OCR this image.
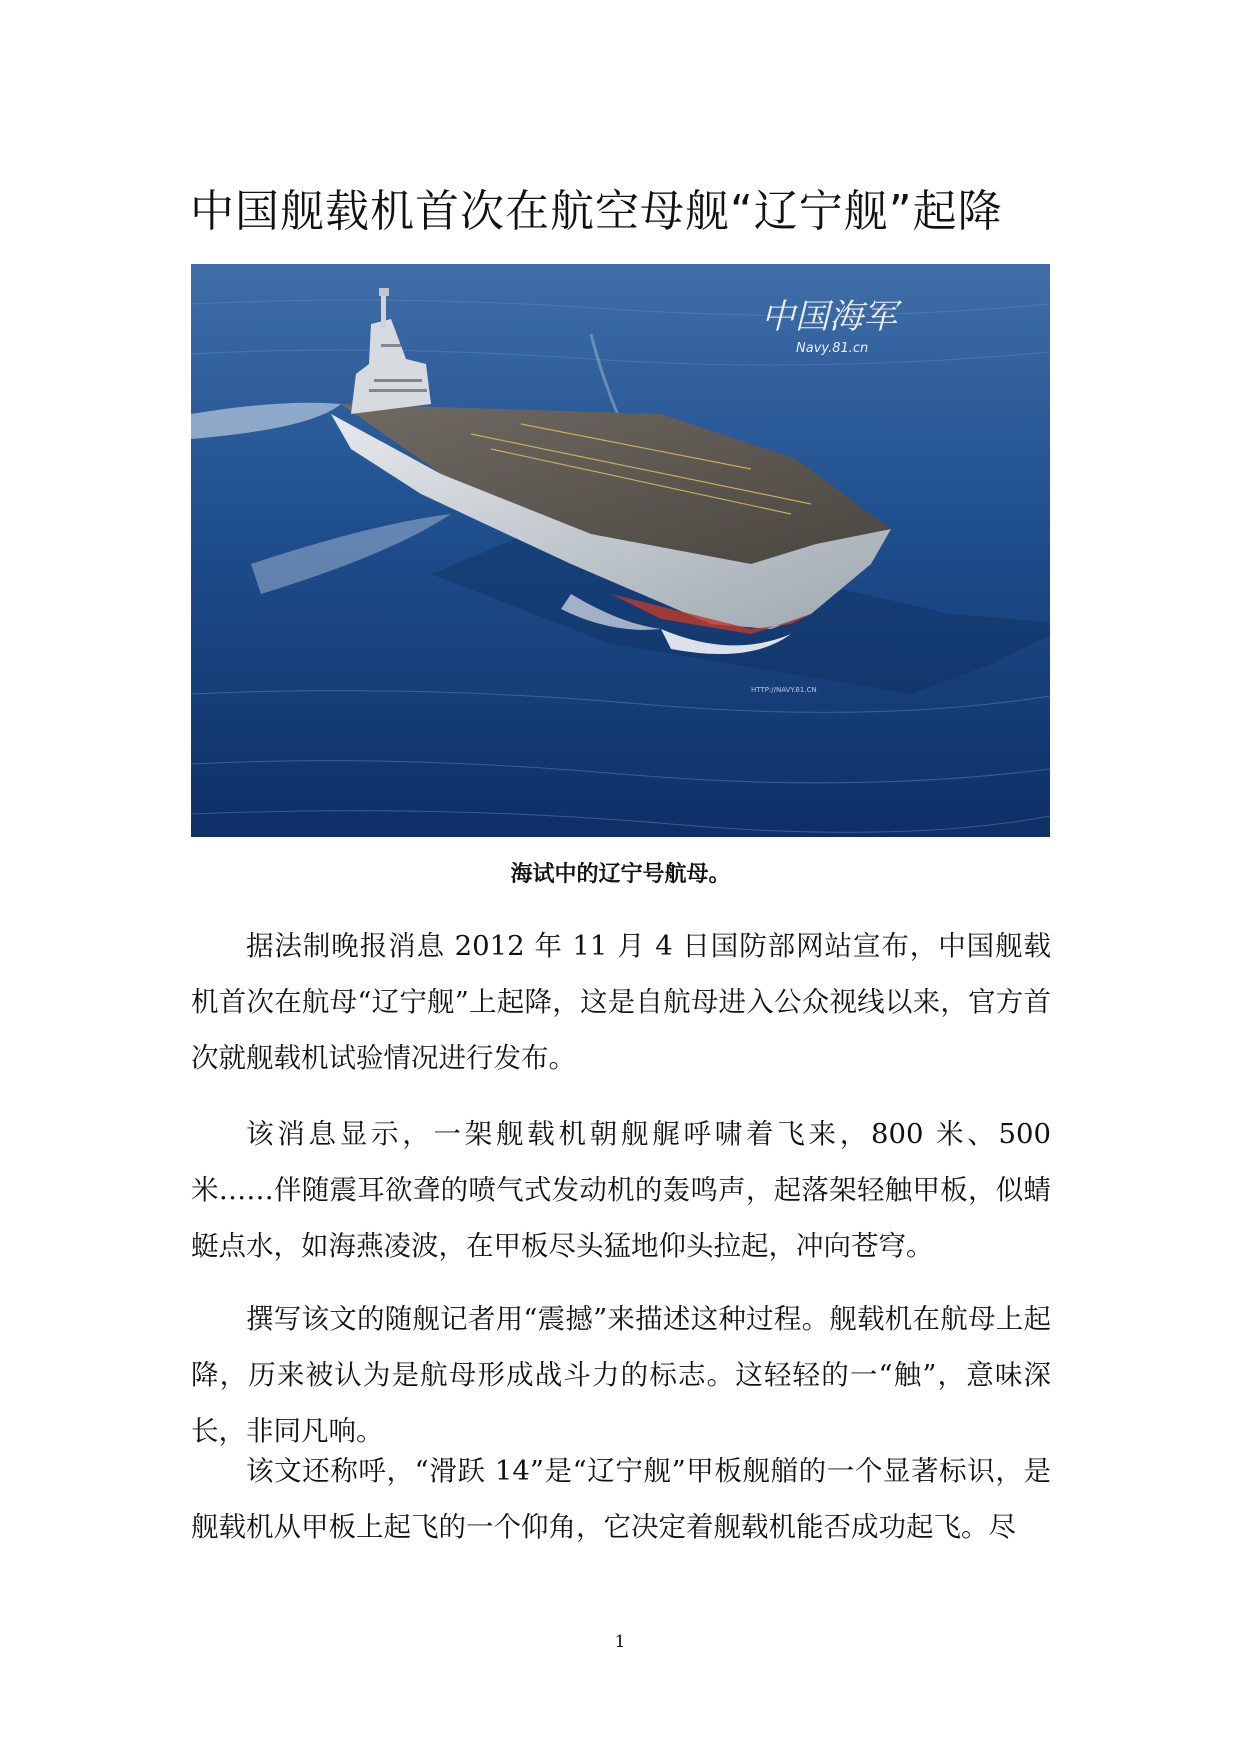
中国舰载机首次在航空母舰“辽宁舰”起降
中国海军
Navy.81.cn
HTTP://NAVY.81.CN
海试中的辽宁号航母。

据法制晚报消息 2012 年 11 月 4 日国防部网站宣布，中国舰载机首次在航母“辽宁舰”上起降，这是自航母进入公众视线以来，官方首次就舰载机试验情况进行发布。

该消息显示，一架舰载机朝舰艉呼啸着飞来，800 米、500 米……伴随震耳欲聋的喷气式发动机的轰鸣声，起落架轻触甲板，似蜻蜓点水，如海燕凌波，在甲板尽头猛地仰头拉起，冲向苍穹。

撰写该文的随舰记者用“震撼”来描述这种过程。舰载机在航母上起降，历来被认为是航母形成战斗力的标志。这轻轻的一“触”，意味深长，非同凡响。

该文还称呼，“滑跃 14”是“辽宁舰”甲板舰艏的一个显著标识，是舰载机从甲板上起飞的一个仰角，它决定着舰载机能否成功起飞。尽

1
